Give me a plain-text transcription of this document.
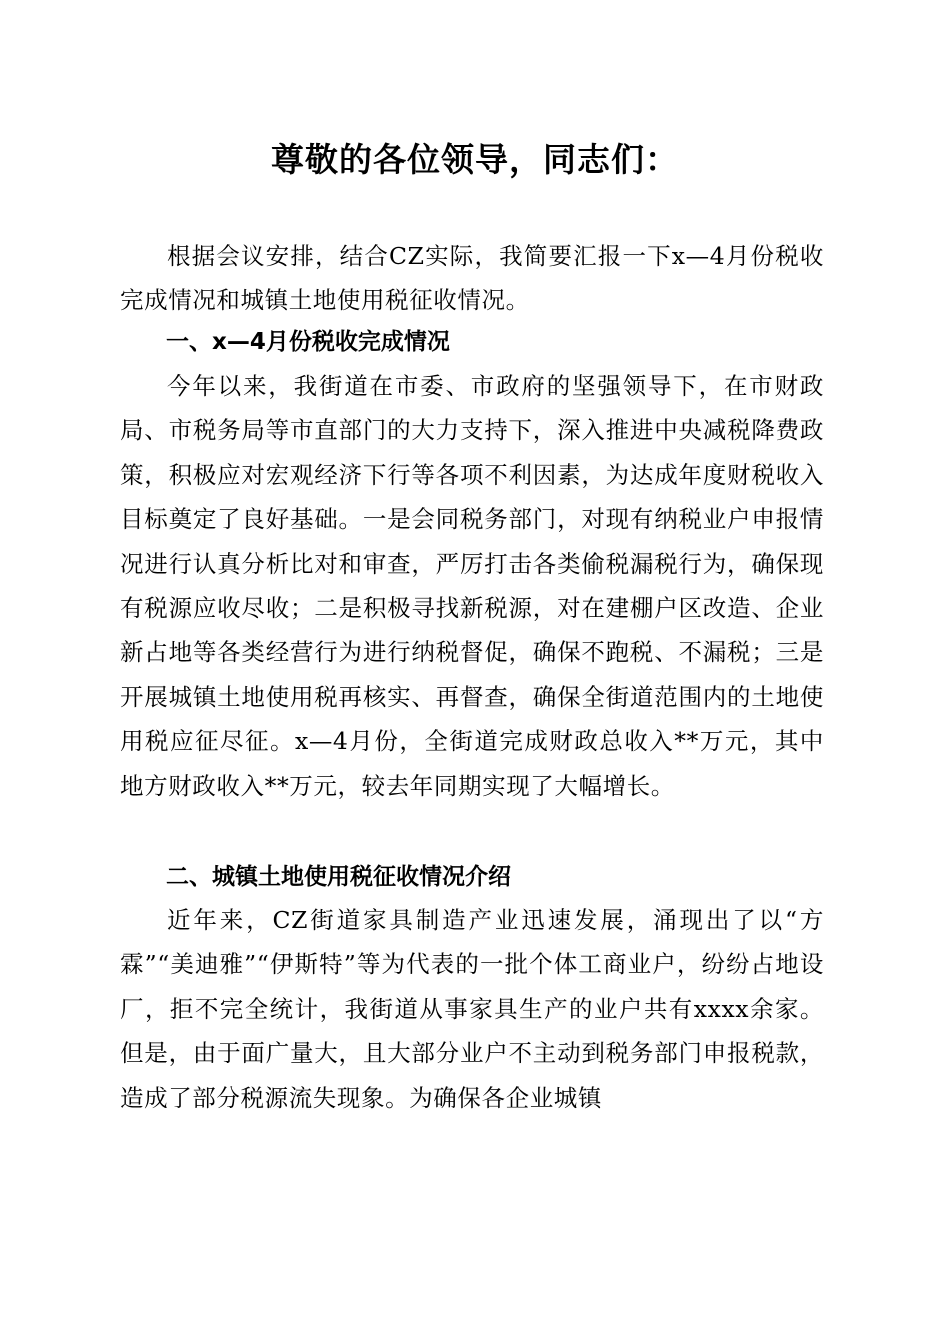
尊敬的各位领导，同志们：

根据会议安排，结合CZ实际，我简要汇报一下x—4月份税收完成情况和城镇土地使用税征收情况。

一、x—4月份税收完成情况

今年以来，我街道在市委、市政府的坚强领导下，在市财政局、市税务局等市直部门的大力支持下，深入推进中央减税降费政策，积极应对宏观经济下行等各项不利因素，为达成年度财税收入目标奠定了良好基础。一是会同税务部门，对现有纳税业户申报情况进行认真分析比对和审查，严厉打击各类偷税漏税行为，确保现有税源应收尽收；二是积极寻找新税源，对在建棚户区改造、企业新占地等各类经营行为进行纳税督促，确保不跑税、不漏税；三是开展城镇土地使用税再核实、再督查，确保全街道范围内的土地使用税应征尽征。x—4月份，全街道完成财政总收入**万元，其中地方财政收入**万元，较去年同期实现了大幅增长。

二、城镇土地使用税征收情况介绍

近年来，CZ街道家具制造产业迅速发展，涌现出了以“方霖”“美迪雅”“伊斯特”等为代表的一批个体工商业户，纷纷占地设厂，拒不完全统计，我街道从事家具生产的业户共有xxxx余家。但是，由于面广量大，且大部分业户不主动到税务部门申报税款，造成了部分税源流失现象。为确保各企业城镇
